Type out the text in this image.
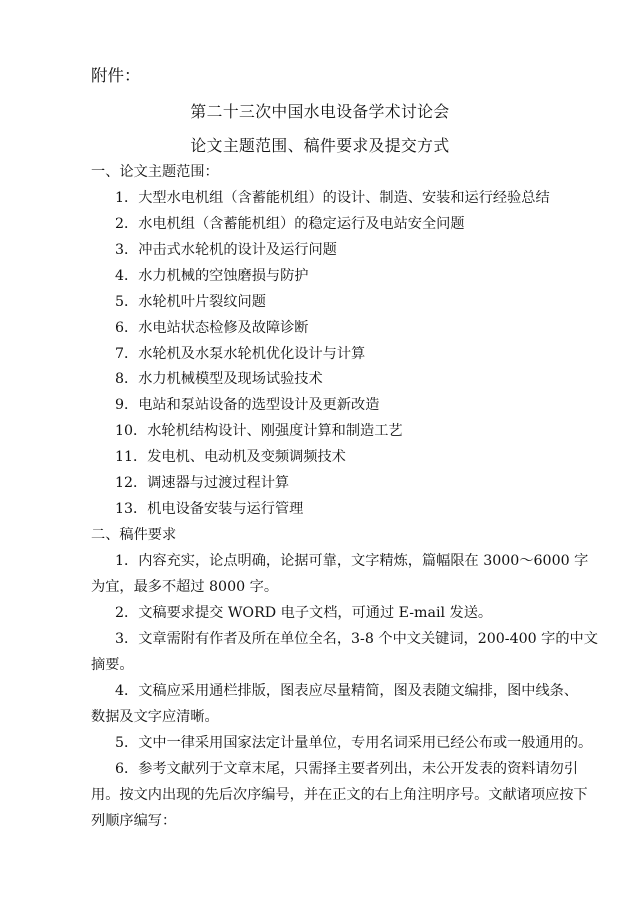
附件：
第二十三次中国水电设备学术讨论会
论文主题范围、稿件要求及提交方式
一、论文主题范围：
1．大型水电机组（含蓄能机组）的设计、制造、安装和运行经验总结
2．水电机组（含蓄能机组）的稳定运行及电站安全问题
3．冲击式水轮机的设计及运行问题
4．水力机械的空蚀磨损与防护
5．水轮机叶片裂纹问题
6．水电站状态检修及故障诊断
7．水轮机及水泵水轮机优化设计与计算
8．水力机械模型及现场试验技术
9．电站和泵站设备的选型设计及更新改造
10．水轮机结构设计、刚强度计算和制造工艺
11．发电机、电动机及变频调频技术
12．调速器与过渡过程计算
13．机电设备安装与运行管理
二、稿件要求
1．内容充实，论点明确，论据可靠，文字精炼，篇幅限在 3000～6000 字
为宜，最多不超过 8000 字。
2．文稿要求提交 WORD 电子文档，可通过 E-mail 发送。
3．文章需附有作者及所在单位全名，3-8 个中文关键词，200-400 字的中文
摘要。
4．文稿应采用通栏排版，图表应尽量精简，图及表随文编排，图中线条、
数据及文字应清晰。
5．文中一律采用国家法定计量单位，专用名词采用已经公布或一般通用的。
6．参考文献列于文章末尾，只需择主要者列出，未公开发表的资料请勿引
用。按文内出现的先后次序编号，并在正文的右上角注明序号。文献诸项应按下
列顺序编写：
